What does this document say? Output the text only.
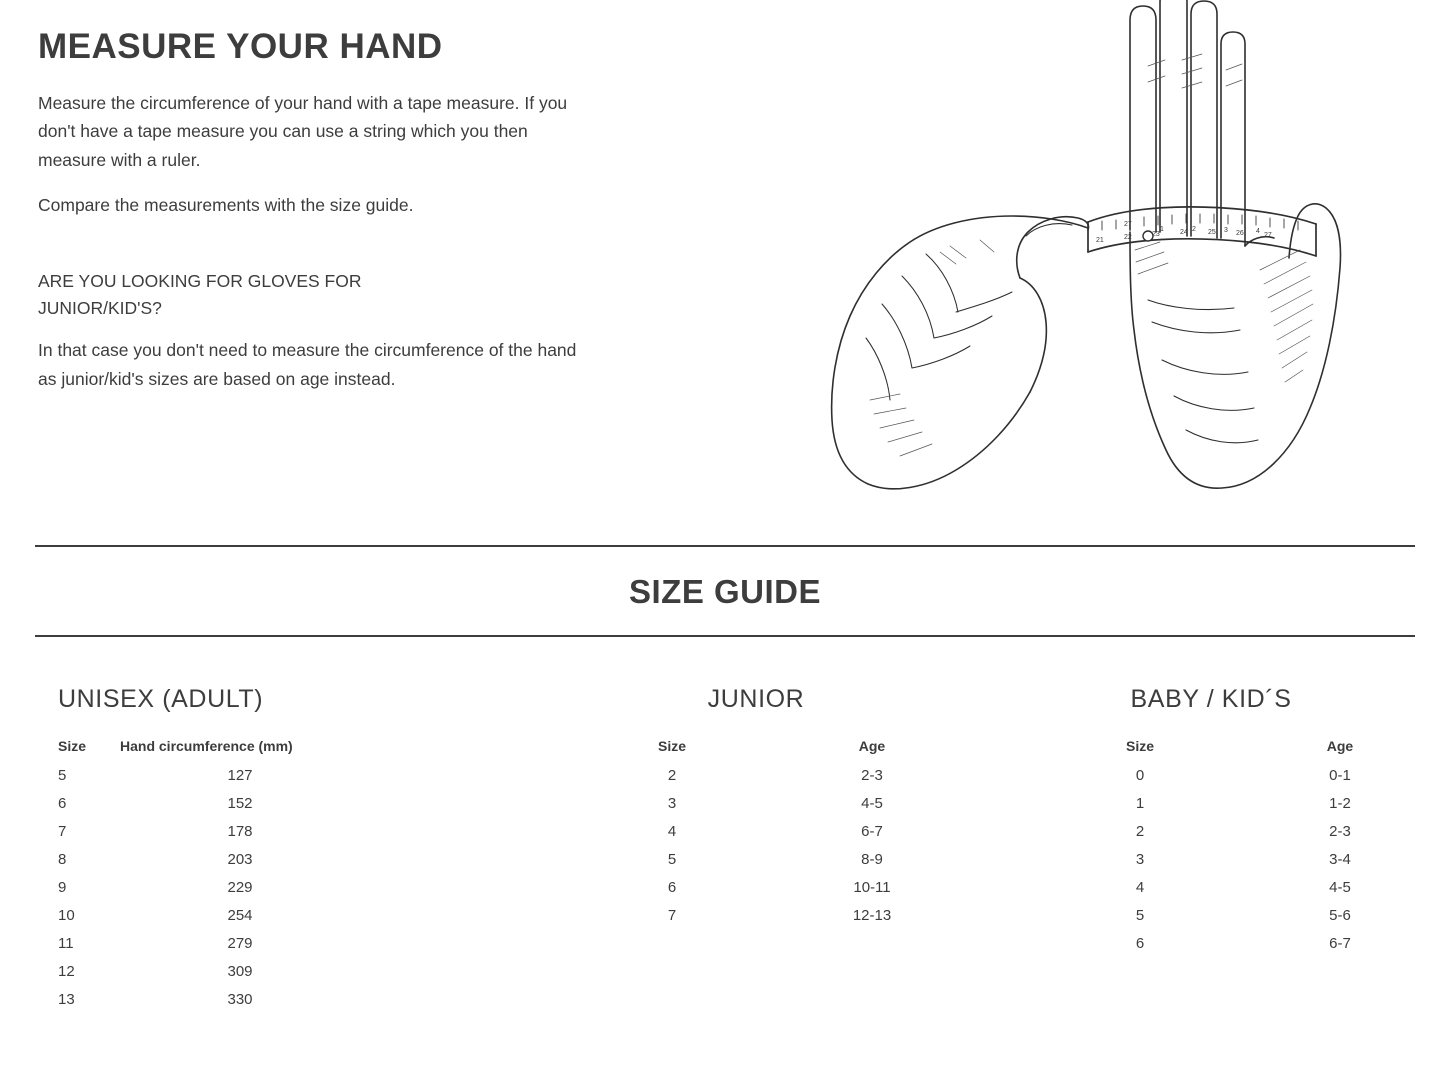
MEASURE YOUR HAND

Measure the circumference of your hand with a tape measure. If you don't have a tape measure you can use a string which you then measure with a ruler.

Compare the measurements with the size guide.

ARE YOU LOOKING FOR GLOVES FOR JUNIOR/KID'S?

In that case you don't need to measure the circumference of the hand as junior/kid's sizes are based on age instead.

21	22	23	24	25	26	27
27
1	2	3	4
SIZE GUIDE
UNISEX (ADULT)
Size	Hand circumference (mm)
5	127
6	152
7	178
8	203
9	229
10	254
11	279
12	309
13	330
JUNIOR
Size	Age
2	2-3
3	4-5
4	6-7
5	8-9
6	10-11
7	12-13
BABY / KID´S
Size	Age
0	0-1
1	1-2
2	2-3
3	3-4
4	4-5
5	5-6
6	6-7
